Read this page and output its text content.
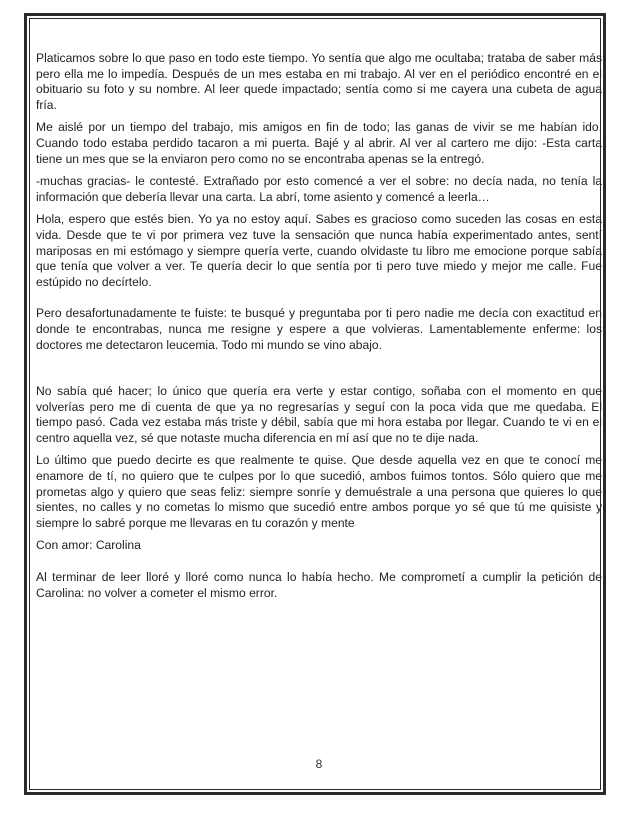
Platicamos sobre lo que paso en todo este tiempo. Yo sentía que algo me ocultaba; trataba de saber más pero ella me lo impedía. Después de un mes estaba en mi trabajo. Al ver en el periódico encontré en el obituario su foto y su nombre. Al leer quede impactado; sentía como si me cayera una cubeta de agua fría.

Me aislé por un tiempo del trabajo, mis amigos en fin de todo; las ganas de vivir se me habían ido. Cuando todo estaba perdido tacaron a mi puerta. Bajé y al abrir. Al ver al cartero me dijo: -Esta carta tiene un mes que se la enviaron pero como no se encontraba apenas se la entregó.

-muchas gracias- le contesté. Extrañado por esto comencé a ver el sobre: no decía nada, no tenía la información que debería llevar una carta. La abrí, tome asiento y comencé a leerla…

Hola, espero que estés bien. Yo ya no estoy aquí. Sabes es gracioso como suceden las cosas en esta vida. Desde que te vi por primera vez tuve la sensación que nunca había experimentado antes, sentí mariposas en mi estómago y siempre quería verte, cuando olvidaste tu libro me emocione porque sabía que tenía que volver a ver. Te quería decir lo que sentía por ti pero tuve miedo y mejor me calle. Fue estúpido no decírtelo.

Pero desafortunadamente te fuiste: te busqué y preguntaba por ti pero nadie me decía con exactitud en donde te encontrabas, nunca me resigne y espere a que volvieras. Lamentablemente enferme: los doctores me detectaron leucemia. Todo mi mundo se vino abajo.

No sabía qué hacer; lo único que quería era verte y estar contigo, soñaba con el momento en que volverías pero me di cuenta de que ya no regresarías y seguí con la poca vida que me quedaba. El tiempo pasó. Cada vez estaba más triste y débil, sabía que mi hora estaba por llegar. Cuando te vi en el centro aquella vez, sé que notaste mucha diferencia en mí así que no te dije nada.

Lo último que puedo decirte es que realmente te quise. Que desde aquella vez en que te conocí me enamore de tí, no quiero que te culpes por lo que sucedió, ambos fuimos tontos. Sólo quiero que me prometas algo y quiero que seas feliz: siempre sonríe y demuéstrale a una persona que quieres lo que sientes, no calles y no cometas lo mismo que sucedió entre ambos porque yo sé que tú me quisiste y siempre lo sabré porque me llevaras en tu corazón y mente

Con amor: Carolina

Al terminar de leer lloré y lloré como nunca lo había hecho. Me comprometí a cumplir la petición de Carolina: no volver a cometer el mismo error.

8
